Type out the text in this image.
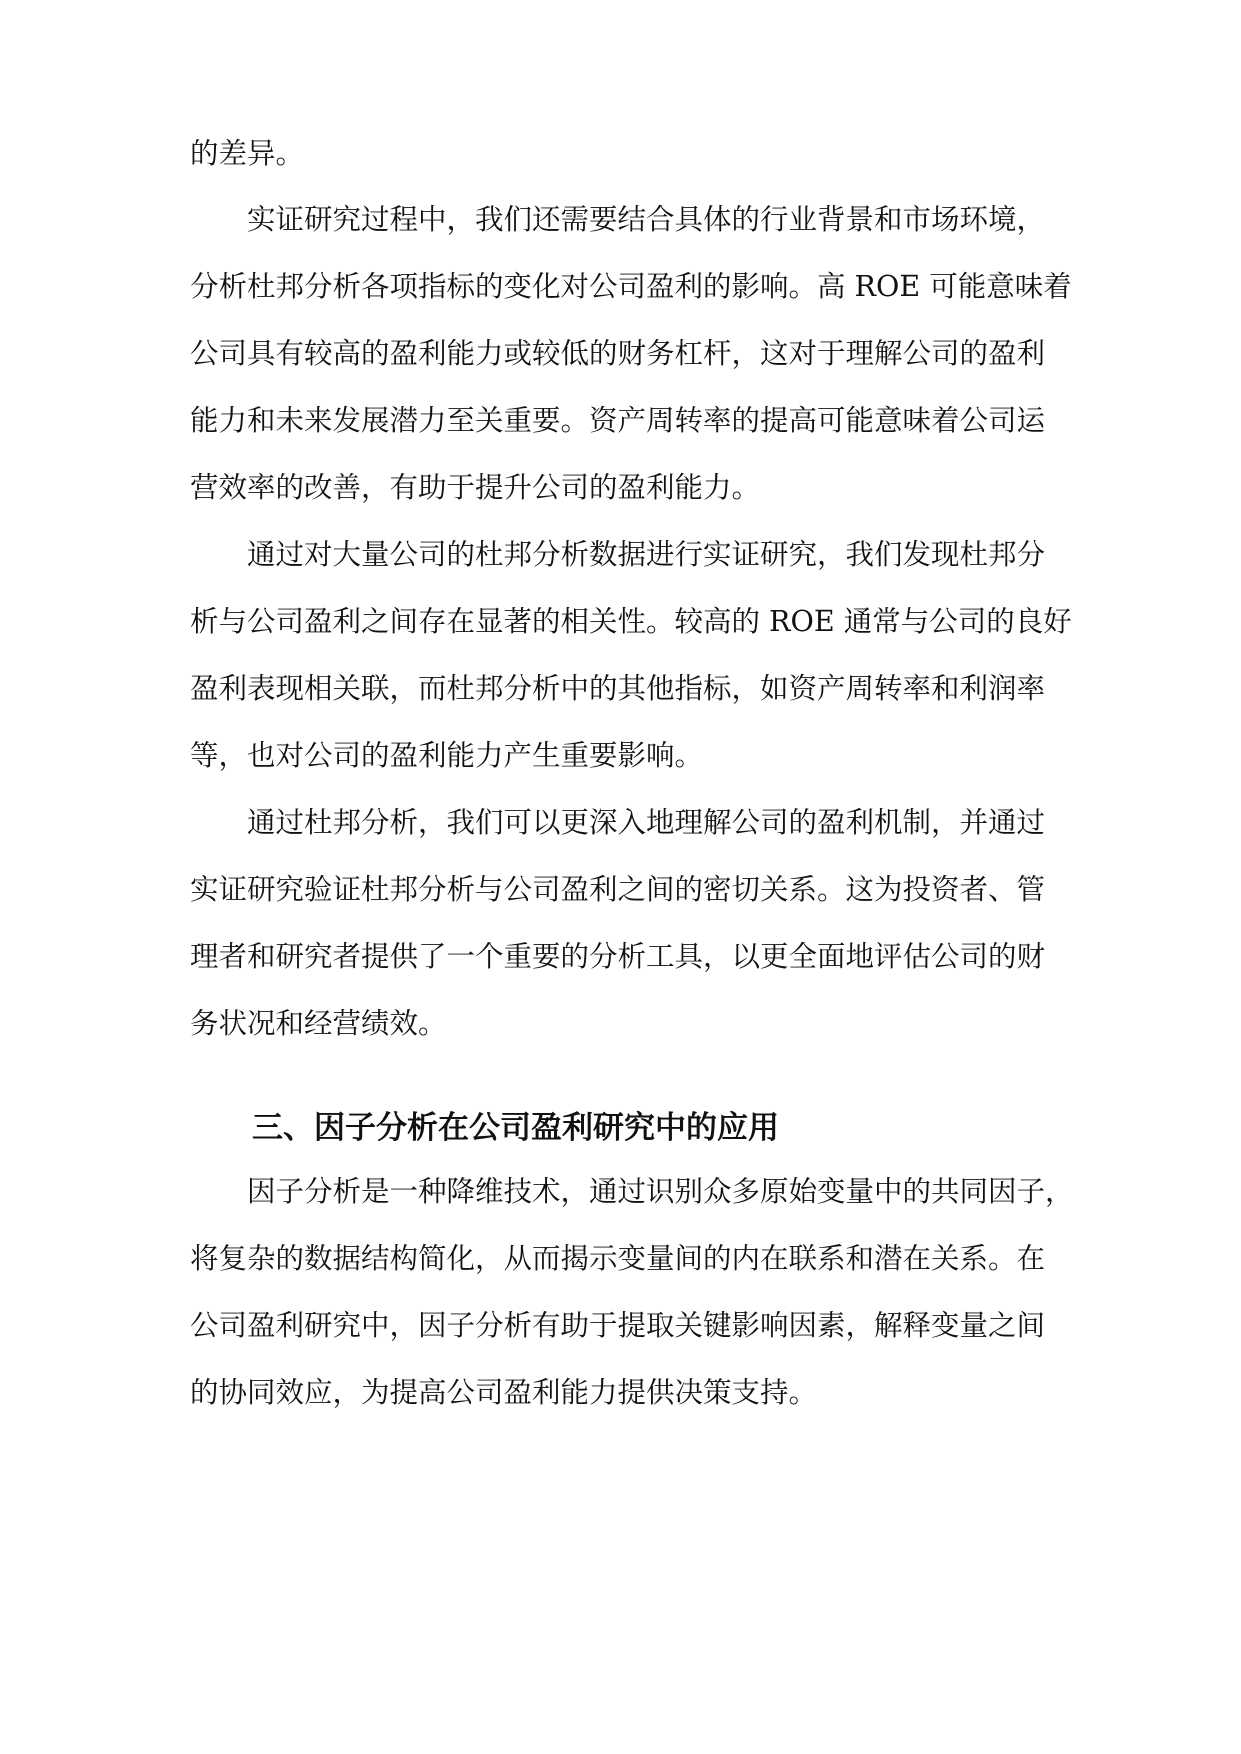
的差异。

实证研究过程中，我们还需要结合具体的行业背景和市场环境，

分析杜邦分析各项指标的变化对公司盈利的影响。高 ROE 可能意味着

公司具有较高的盈利能力或较低的财务杠杆，这对于理解公司的盈利

能力和未来发展潜力至关重要。资产周转率的提高可能意味着公司运

营效率的改善，有助于提升公司的盈利能力。

通过对大量公司的杜邦分析数据进行实证研究，我们发现杜邦分

析与公司盈利之间存在显著的相关性。较高的 ROE 通常与公司的良好

盈利表现相关联，而杜邦分析中的其他指标，如资产周转率和利润率

等，也对公司的盈利能力产生重要影响。

通过杜邦分析，我们可以更深入地理解公司的盈利机制，并通过

实证研究验证杜邦分析与公司盈利之间的密切关系。这为投资者、管

理者和研究者提供了一个重要的分析工具，以更全面地评估公司的财

务状况和经营绩效。

三、因子分析在公司盈利研究中的应用

因子分析是一种降维技术，通过识别众多原始变量中的共同因子，

将复杂的数据结构简化，从而揭示变量间的内在联系和潜在关系。在

公司盈利研究中，因子分析有助于提取关键影响因素，解释变量之间

的协同效应，为提高公司盈利能力提供决策支持。
